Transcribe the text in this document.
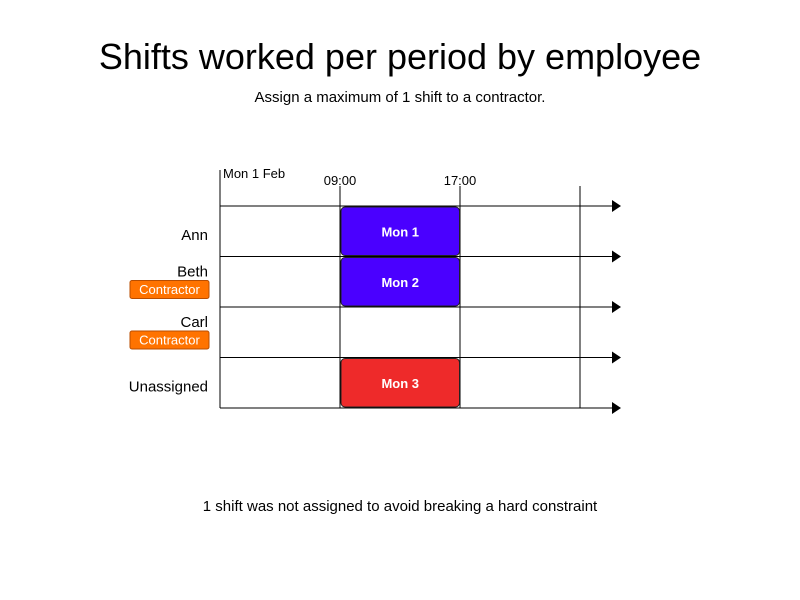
Shifts worked per period by employee
Assign a maximum of 1 shift to a contractor.
Mon 1 Feb	09:00	17:00
Ann
Beth
Contractor
Carl
Contractor
Unassigned
Mon 1
Mon 2
Mon 3
1 shift was not assigned to avoid breaking a hard constraint
